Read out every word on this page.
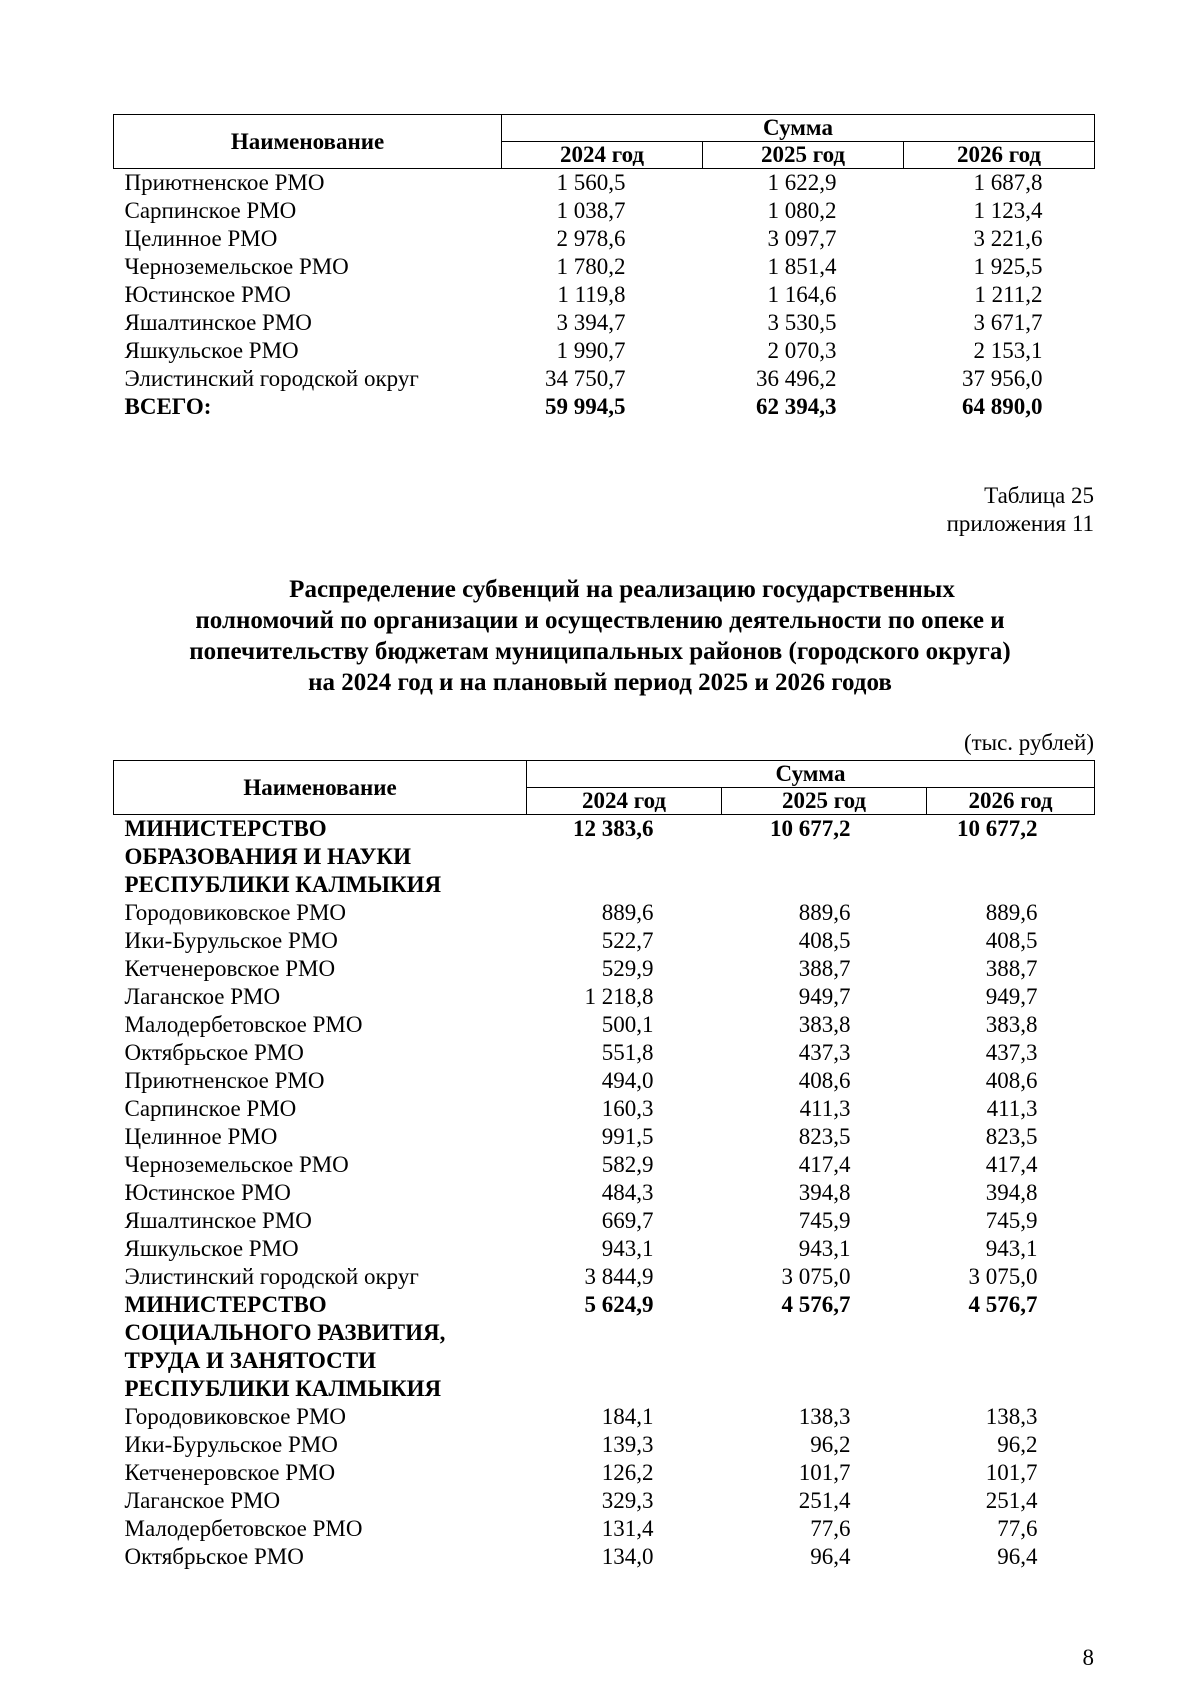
Наименование	Сумма		
	2024 год	2025 год	2026 год
Приютненское РМО	1 560,5	1 622,9	1 687,8
Сарпинское РМО	1 038,7	1 080,2	1 123,4
Целинное РМО	2 978,6	3 097,7	3 221,6
Черноземельское РМО	1 780,2	1 851,4	1 925,5
Юстинское РМО	1 119,8	1 164,6	1 211,2
Яшалтинское РМО	3 394,7	3 530,5	3 671,7
Яшкульское РМО	1 990,7	2 070,3	2 153,1
Элистинский городской округ	34 750,7	36 496,2	37 956,0
ВСЕГО:	59 994,5	62 394,3	64 890,0
Таблица 25
приложения 11
Распределение субвенций на реализацию государственных
полномочий по организации и осуществлению деятельности по опеке и
попечительству бюджетам муниципальных районов (городского округа)
на 2024 год и на плановый период 2025 и 2026 годов
(тыс. рублей)
Наименование	Сумма		
	2024 год	2025 год	2026 год
МИНИСТЕРСТВО	12 383,6	10 677,2	10 677,2
ОБРАЗОВАНИЯ И НАУКИ			
РЕСПУБЛИКИ КАЛМЫКИЯ			
Городовиковское РМО	889,6	889,6	889,6
Ики-Бурульское РМО	522,7	408,5	408,5
Кетченеровское РМО	529,9	388,7	388,7
Лаганское РМО	1 218,8	949,7	949,7
Малодербетовское РМО	500,1	383,8	383,8
Октябрьское РМО	551,8	437,3	437,3
Приютненское РМО	494,0	408,6	408,6
Сарпинское РМО	160,3	411,3	411,3
Целинное РМО	991,5	823,5	823,5
Черноземельское РМО	582,9	417,4	417,4
Юстинское РМО	484,3	394,8	394,8
Яшалтинское РМО	669,7	745,9	745,9
Яшкульское РМО	943,1	943,1	943,1
Элистинский городской округ	3 844,9	3 075,0	3 075,0
МИНИСТЕРСТВО	5 624,9	4 576,7	4 576,7
СОЦИАЛЬНОГО РАЗВИТИЯ,			
ТРУДА И ЗАНЯТОСТИ			
РЕСПУБЛИКИ КАЛМЫКИЯ			
Городовиковское РМО	184,1	138,3	138,3
Ики-Бурульское РМО	139,3	96,2	96,2
Кетченеровское РМО	126,2	101,7	101,7
Лаганское РМО	329,3	251,4	251,4
Малодербетовское РМО	131,4	77,6	77,6
Октябрьское РМО	134,0	96,4	96,4
8
